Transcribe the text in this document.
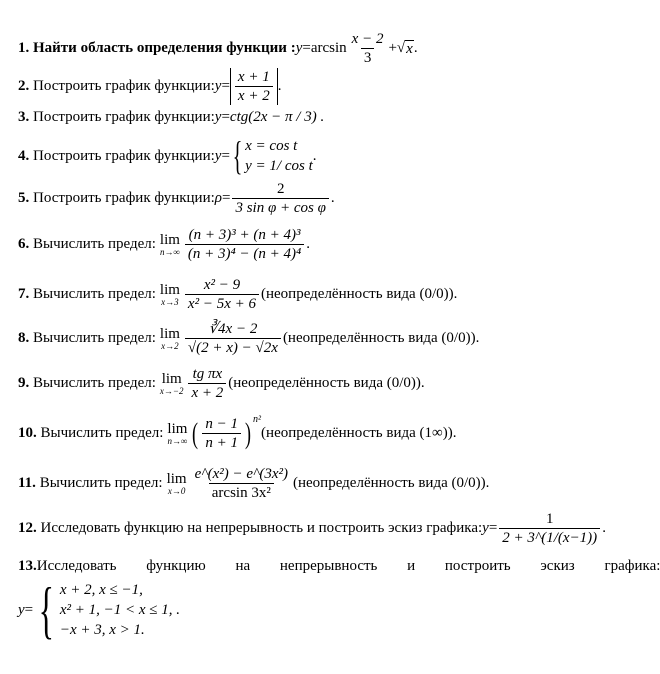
1.
Найти область определения функции : $y = \arcsin \frac{x - 2}{3}$ + √ x .
2.
Построить график функции: $y = \frac{x + 1}{x + 2}$ .
3.
Построить график функции: y = ctg(2x − π / 3) .
4.
Построить график функции: y = { x = cos t
y = 1/ cos t
.
5.
Построить график функции: $\rho = \frac{2}{\text{3 sin φ + cos φ}}$ .
6.
Вычислить предел: lim
$n\to\infty \frac{\text{(n + 3)³ + (n + 4)³}}{\text{(n + 3)⁴ − (n + 4)⁴}}$ .
7.
Вычислить предел: lim
$x\to 3 \frac{\text{x² − 9}}{\text{x² − 5x + 6}}$ (неопределённость вида (0/0)).
8.
Вычислить предел: lim
$x\to 2 \frac{∛4x - 2}{√(2 + x) - √2x}$ (неопределённость вида (0/0)).
9.
Вычислить предел: lim
$x\to-2 \frac{\text{tg πx}}{x + 2}$ (неопределённость вида (0/0)).
10.
Вычислить предел: lim
n→∞ ( $\frac{n - 1}{n + 1} )^{n^2}$
(неопределённость вида (1∞)).
11.
Вычислить предел: lim
$x\to 0 \frac{\text{e\textasciicircum{}(x²) − e\textasciicircum{}(3x²)}}{\text{arcsin 3x²}}$ (неопределённость вида (0/0)).
12.
Исследовать функцию на непрерывность и построить эскиз графика: $y = \frac{1}{2 + 3\^{}(1/(x-1))}$ .
13. Исследовать функцию на непрерывность и построить эскиз графика:
y = { x + 2, x ≤ −1,
x² + 1, −1 < x ≤ 1, .
−x + 3, x > 1.
